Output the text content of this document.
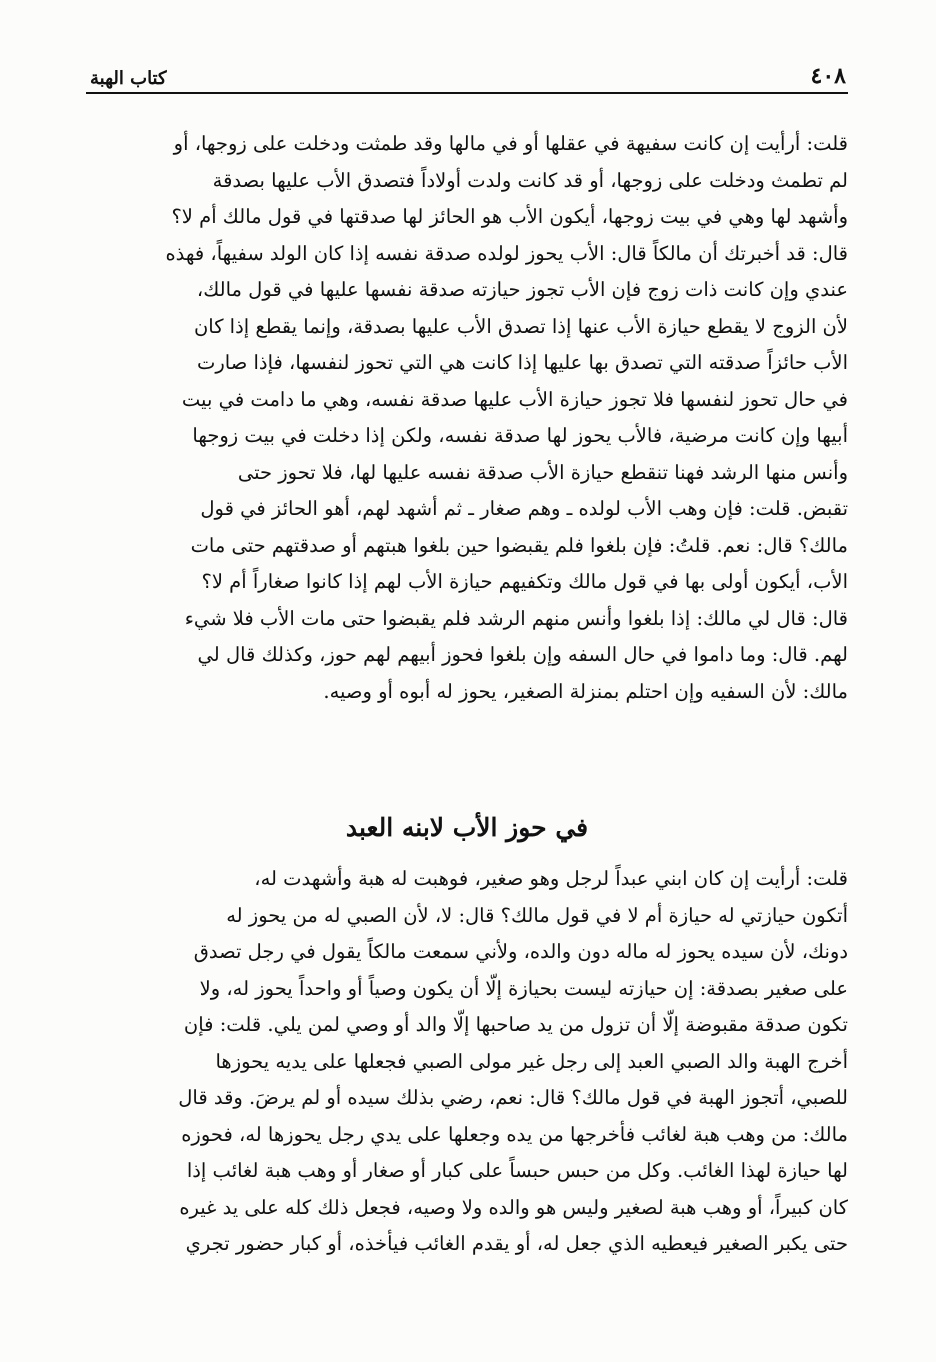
٤٠٨
كتاب الهبة
قلت: أرأيت إن كانت سفيهة في عقلها أو في مالها وقد طمثت ودخلت على زوجها، أو
لم تطمث ودخلت على زوجها، أو قد كانت ولدت أولاداً فتصدق الأب عليها بصدقة
وأشهد لها وهي في بيت زوجها، أيكون الأب هو الحائز لها صدقتها في قول مالك أم لا؟
قال: قد أخبرتك أن مالكاً قال: الأب يحوز لولده صدقة نفسه إذا كان الولد سفيهاً، فهذه
عندي وإن كانت ذات زوج فإن الأب تجوز حيازته صدقة نفسها عليها في قول مالك،
لأن الزوج لا يقطع حيازة الأب عنها إذا تصدق الأب عليها بصدقة، وإنما يقطع إذا كان
الأب حائزاً صدقته التي تصدق بها عليها إذا كانت هي التي تحوز لنفسها، فإذا صارت
في حال تحوز لنفسها فلا تجوز حيازة الأب عليها صدقة نفسه، وهي ما دامت في بيت
أبيها وإن كانت مرضية، فالأب يحوز لها صدقة نفسه، ولكن إذا دخلت في بيت زوجها
وأنس منها الرشد فهنا تنقطع حيازة الأب صدقة نفسه عليها لها، فلا تحوز حتى
تقبض. قلت: فإن وهب الأب لولده ـ وهم صغار ـ ثم أشهد لهم، أهو الحائز في قول
مالك؟ قال: نعم. قلتُ: فإن بلغوا فلم يقبضوا حين بلغوا هبتهم أو صدقتهم حتى مات
الأب، أيكون أولى بها في قول مالك وتكفيهم حيازة الأب لهم إذا كانوا صغاراً أم لا؟
قال: قال لي مالك: إذا بلغوا وأنس منهم الرشد فلم يقبضوا حتى مات الأب فلا شيء
لهم. قال: وما داموا في حال السفه وإن بلغوا فحوز أبيهم لهم حوز، وكذلك قال لي
مالك: لأن السفيه وإن احتلم بمنزلة الصغير، يحوز له أبوه أو وصيه.
في حوز الأب لابنه العبد
قلت: أرأيت إن كان ابني عبداً لرجل وهو صغير، فوهبت له هبة وأشهدت له،
أتكون حيازتي له حيازة أم لا في قول مالك؟ قال: لا، لأن الصبي له من يحوز له
دونك، لأن سيده يحوز له ماله دون والده، ولأني سمعت مالكاً يقول في رجل تصدق
على صغير بصدقة: إن حيازته ليست بحيازة إلّا أن يكون وصياً أو واحداً يحوز له، ولا
تكون صدقة مقبوضة إلّا أن تزول من يد صاحبها إلّا والد أو وصي لمن يلي. قلت: فإن
أخرج الهبة والد الصبي العبد إلى رجل غير مولى الصبي فجعلها على يديه يحوزها
للصبي، أتجوز الهبة في قول مالك؟ قال: نعم، رضي بذلك سيده أو لم يرضَ. وقد قال
مالك: من وهب هبة لغائب فأخرجها من يده وجعلها على يدي رجل يحوزها له، فحوزه
لها حيازة لهذا الغائب. وكل من حبس حبساً على كبار أو صغار أو وهب هبة لغائب إذا
كان كبيراً، أو وهب هبة لصغير وليس هو والده ولا وصيه، فجعل ذلك كله على يد غيره
حتى يكبر الصغير فيعطيه الذي جعل له، أو يقدم الغائب فيأخذه، أو كبار حضور تجري
